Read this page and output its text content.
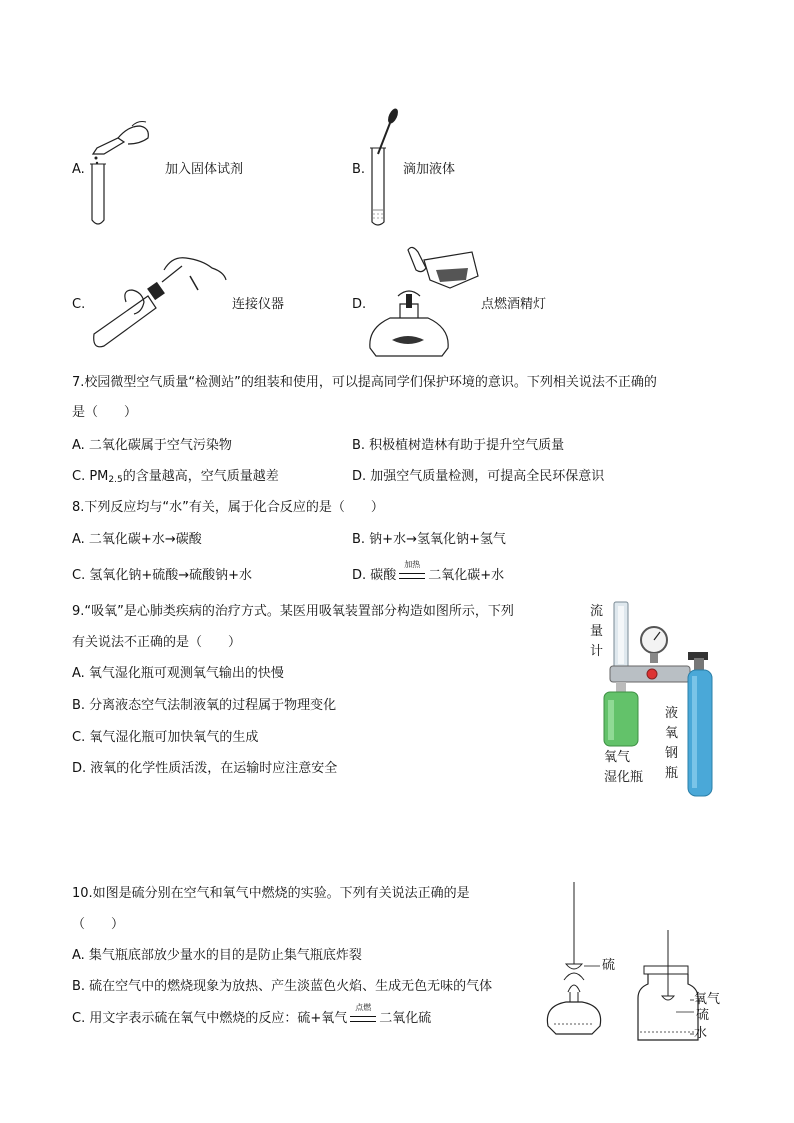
A.	加入固体试剂	B.	滴加液体
C.	连接仪器	D.	点燃酒精灯
7.校园微型空气质量“检测站”的组装和使用，可以提高同学们保护环境的意识。下列相关说法不正确的
是（　　）
A. 二氧化碳属于空气污染物	B. 积极植树造林有助于提升空气质量
C. $PM_{2.5}$的含量越高，空气质量越差	D. 加强空气质量检测，可提高全民环保意识
8.下列反应均与“水”有关，属于化合反应的是（　　）
A. 二氧化碳+水→碳酸	B. 钠+水→氢氧化钠+氢气
C. 氢氧化钠+硫酸→硫酸钠+水	D. 碳酸
加热
二氧化碳+水
9.“吸氧”是心肺类疾病的治疗方式。某医用吸氧装置部分构造如图所示，下列
有关说法不正确的是（　　）
A. 氧气湿化瓶可观测氧气输出的快慢
B. 分离液态空气法制液氧的过程属于物理变化
C. 氧气湿化瓶可加快氧气的生成
D. 液氧的化学性质活泼，在运输时应注意安全
流
量
计
液
氧
钢
瓶
氧气
湿化瓶
10.如图是硫分别在空气和氧气中燃烧的实验。下列有关说法正确的是
（　　）
A. 集气瓶底部放少量水的目的是防止集气瓶底炸裂
B. 硫在空气中的燃烧现象为放热、产生淡蓝色火焰、生成无色无味的气体
C. 用文字表示硫在氧气中燃烧的反应：硫+氧气
点燃
二氧化硫
硫
氧气
硫
水
